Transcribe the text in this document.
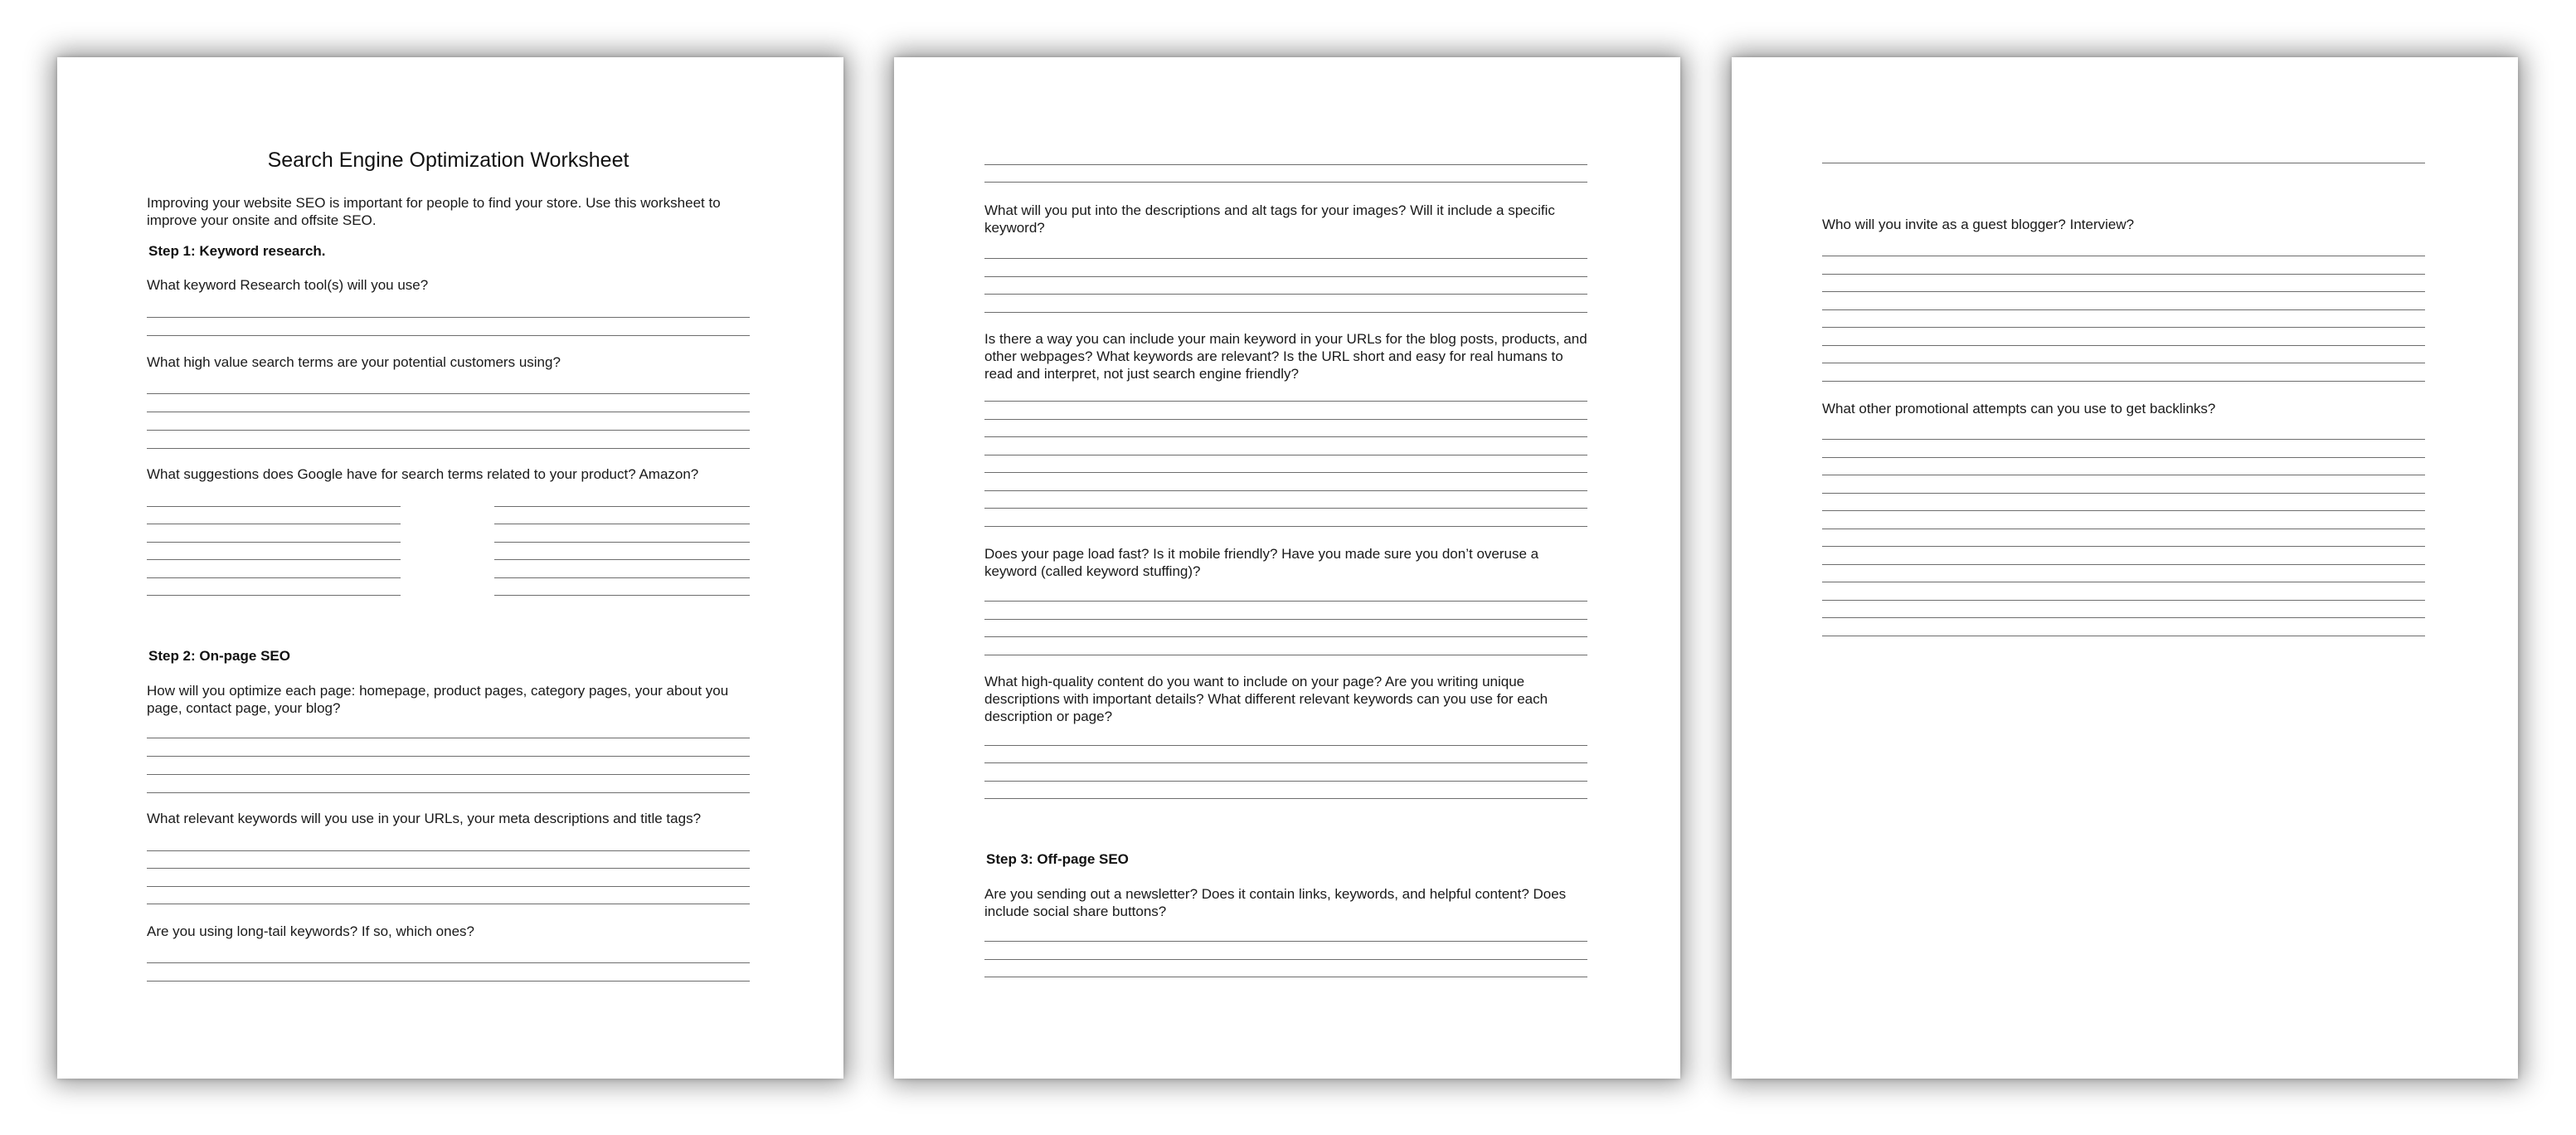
Search Engine Optimization Worksheet
Improving your website SEO is important for people to find your store. Use this worksheet to improve your onsite and offsite SEO.
Step 1: Keyword research.
What keyword Research tool(s) will you use?
What high value search terms are your potential customers using?
What suggestions does Google have for search terms related to your product? Amazon?
Step 2: On-page SEO
How will you optimize each page: homepage, product pages, category pages, your about you page, contact page, your blog?
What relevant keywords will you use in your URLs, your meta descriptions and title tags?
Are you using long-tail keywords? If so, which ones?
What will you put into the descriptions and alt tags for your images? Will it include a specific keyword?
Is there a way you can include your main keyword in your URLs for the blog posts, products, and other webpages? What keywords are relevant? Is the URL short and easy for real humans to read and interpret, not just search engine friendly?
Does your page load fast? Is it mobile friendly? Have you made sure you don’t overuse a keyword (called keyword stuffing)?
What high-quality content do you want to include on your page? Are you writing unique descriptions with important details? What different relevant keywords can you use for each description or page?
Step 3: Off-page SEO
Are you sending out a newsletter? Does it contain links, keywords, and helpful content? Does include social share buttons?
Who will you invite as a guest blogger? Interview?
What other promotional attempts can you use to get backlinks?
